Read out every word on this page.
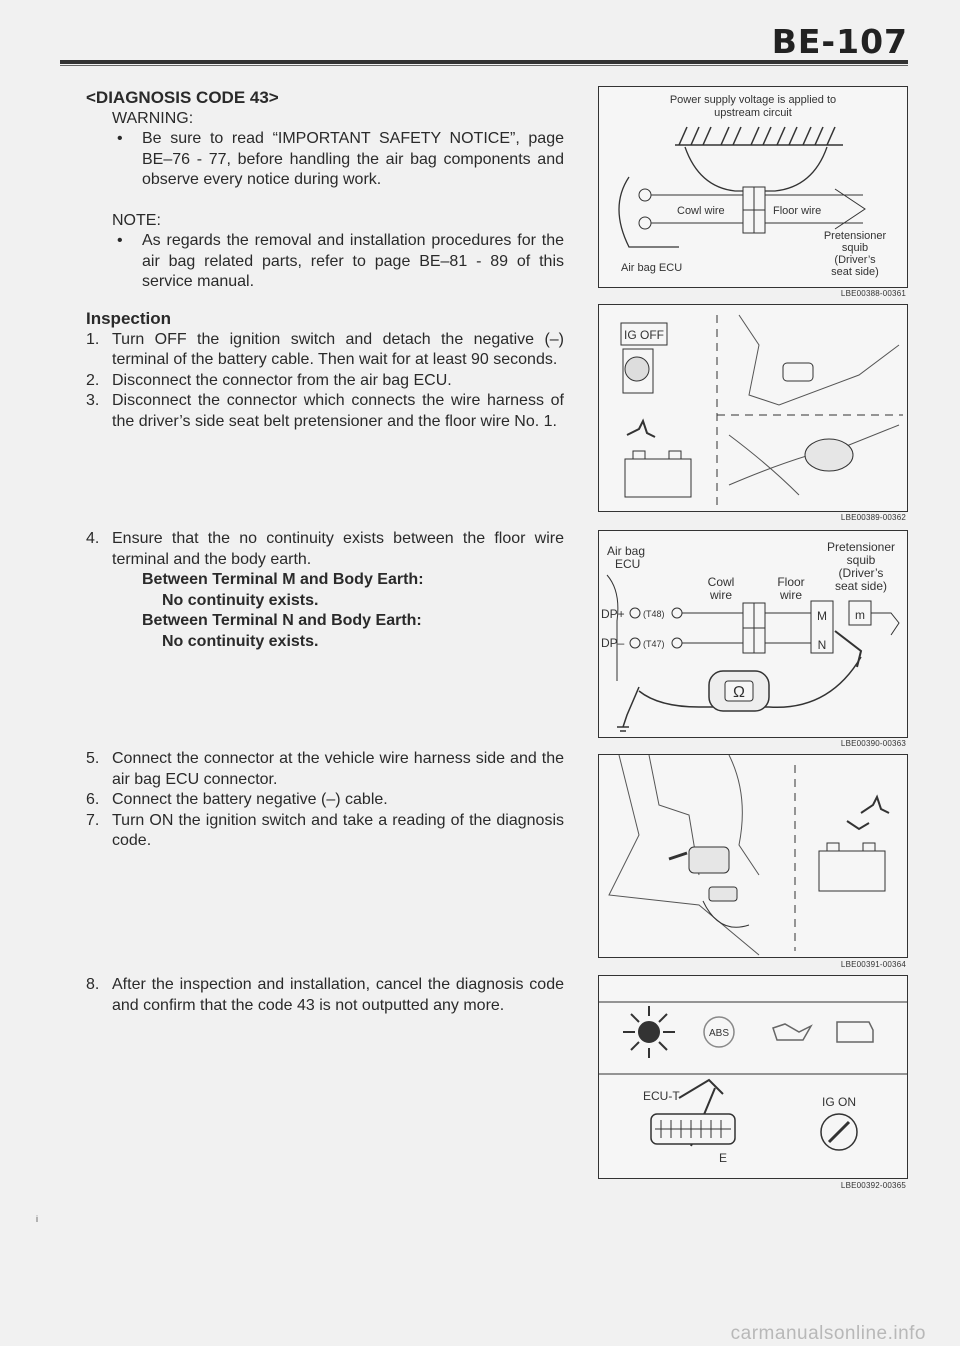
BE-107
<DIAGNOSIS CODE 43>
WARNING:
• Be sure to read “IMPORTANT SAFETY NOTICE”, page BE–76 - 77, before handling the air bag components and observe every notice during work.
NOTE:
• As regards the removal and installation procedures for the air bag related parts, refer to page BE–81 - 89 of this service manual.
Inspection
1. Turn OFF the ignition switch and detach the negative (–) terminal of the battery cable. Then wait for at least 90 seconds.
2. Disconnect the connector from the air bag ECU.
3. Disconnect the connector which connects the wire harness of the driver’s side seat belt pretensioner and the floor wire No. 1.
4. Ensure that the no continuity exists between the floor wire terminal and the body earth.
Between Terminal M and Body Earth:
No continuity exists.
Between Terminal N and Body Earth:
No continuity exists.
5. Connect the connector at the vehicle wire harness side and the air bag ECU connector.
6. Connect the battery negative (–) cable.
7. Turn ON the ignition switch and take a reading of the diagnosis code.
8. After the inspection and installation, cancel the diagnosis code and confirm that the code 43 is not outputted any more.
Power supply voltage is applied to
upstream circuit
Cowl wire	Floor wire
Air bag ECU
Pretensioner
squib
(Driver’s
seat side)
LBE00388-00361
IG OFF
LBE00389-00362
Air bag
ECU
Cowl
wire
Floor
wire
Pretensioner
squib
(Driver’s
seat side)
DP+
DP–
(T48)
(T47)
M
N
m
Ω
LBE00390-00363
LBE00391-00364
ABS
ECU-T
E
IG ON
LBE00392-00365
i
carmanualsonline.info
